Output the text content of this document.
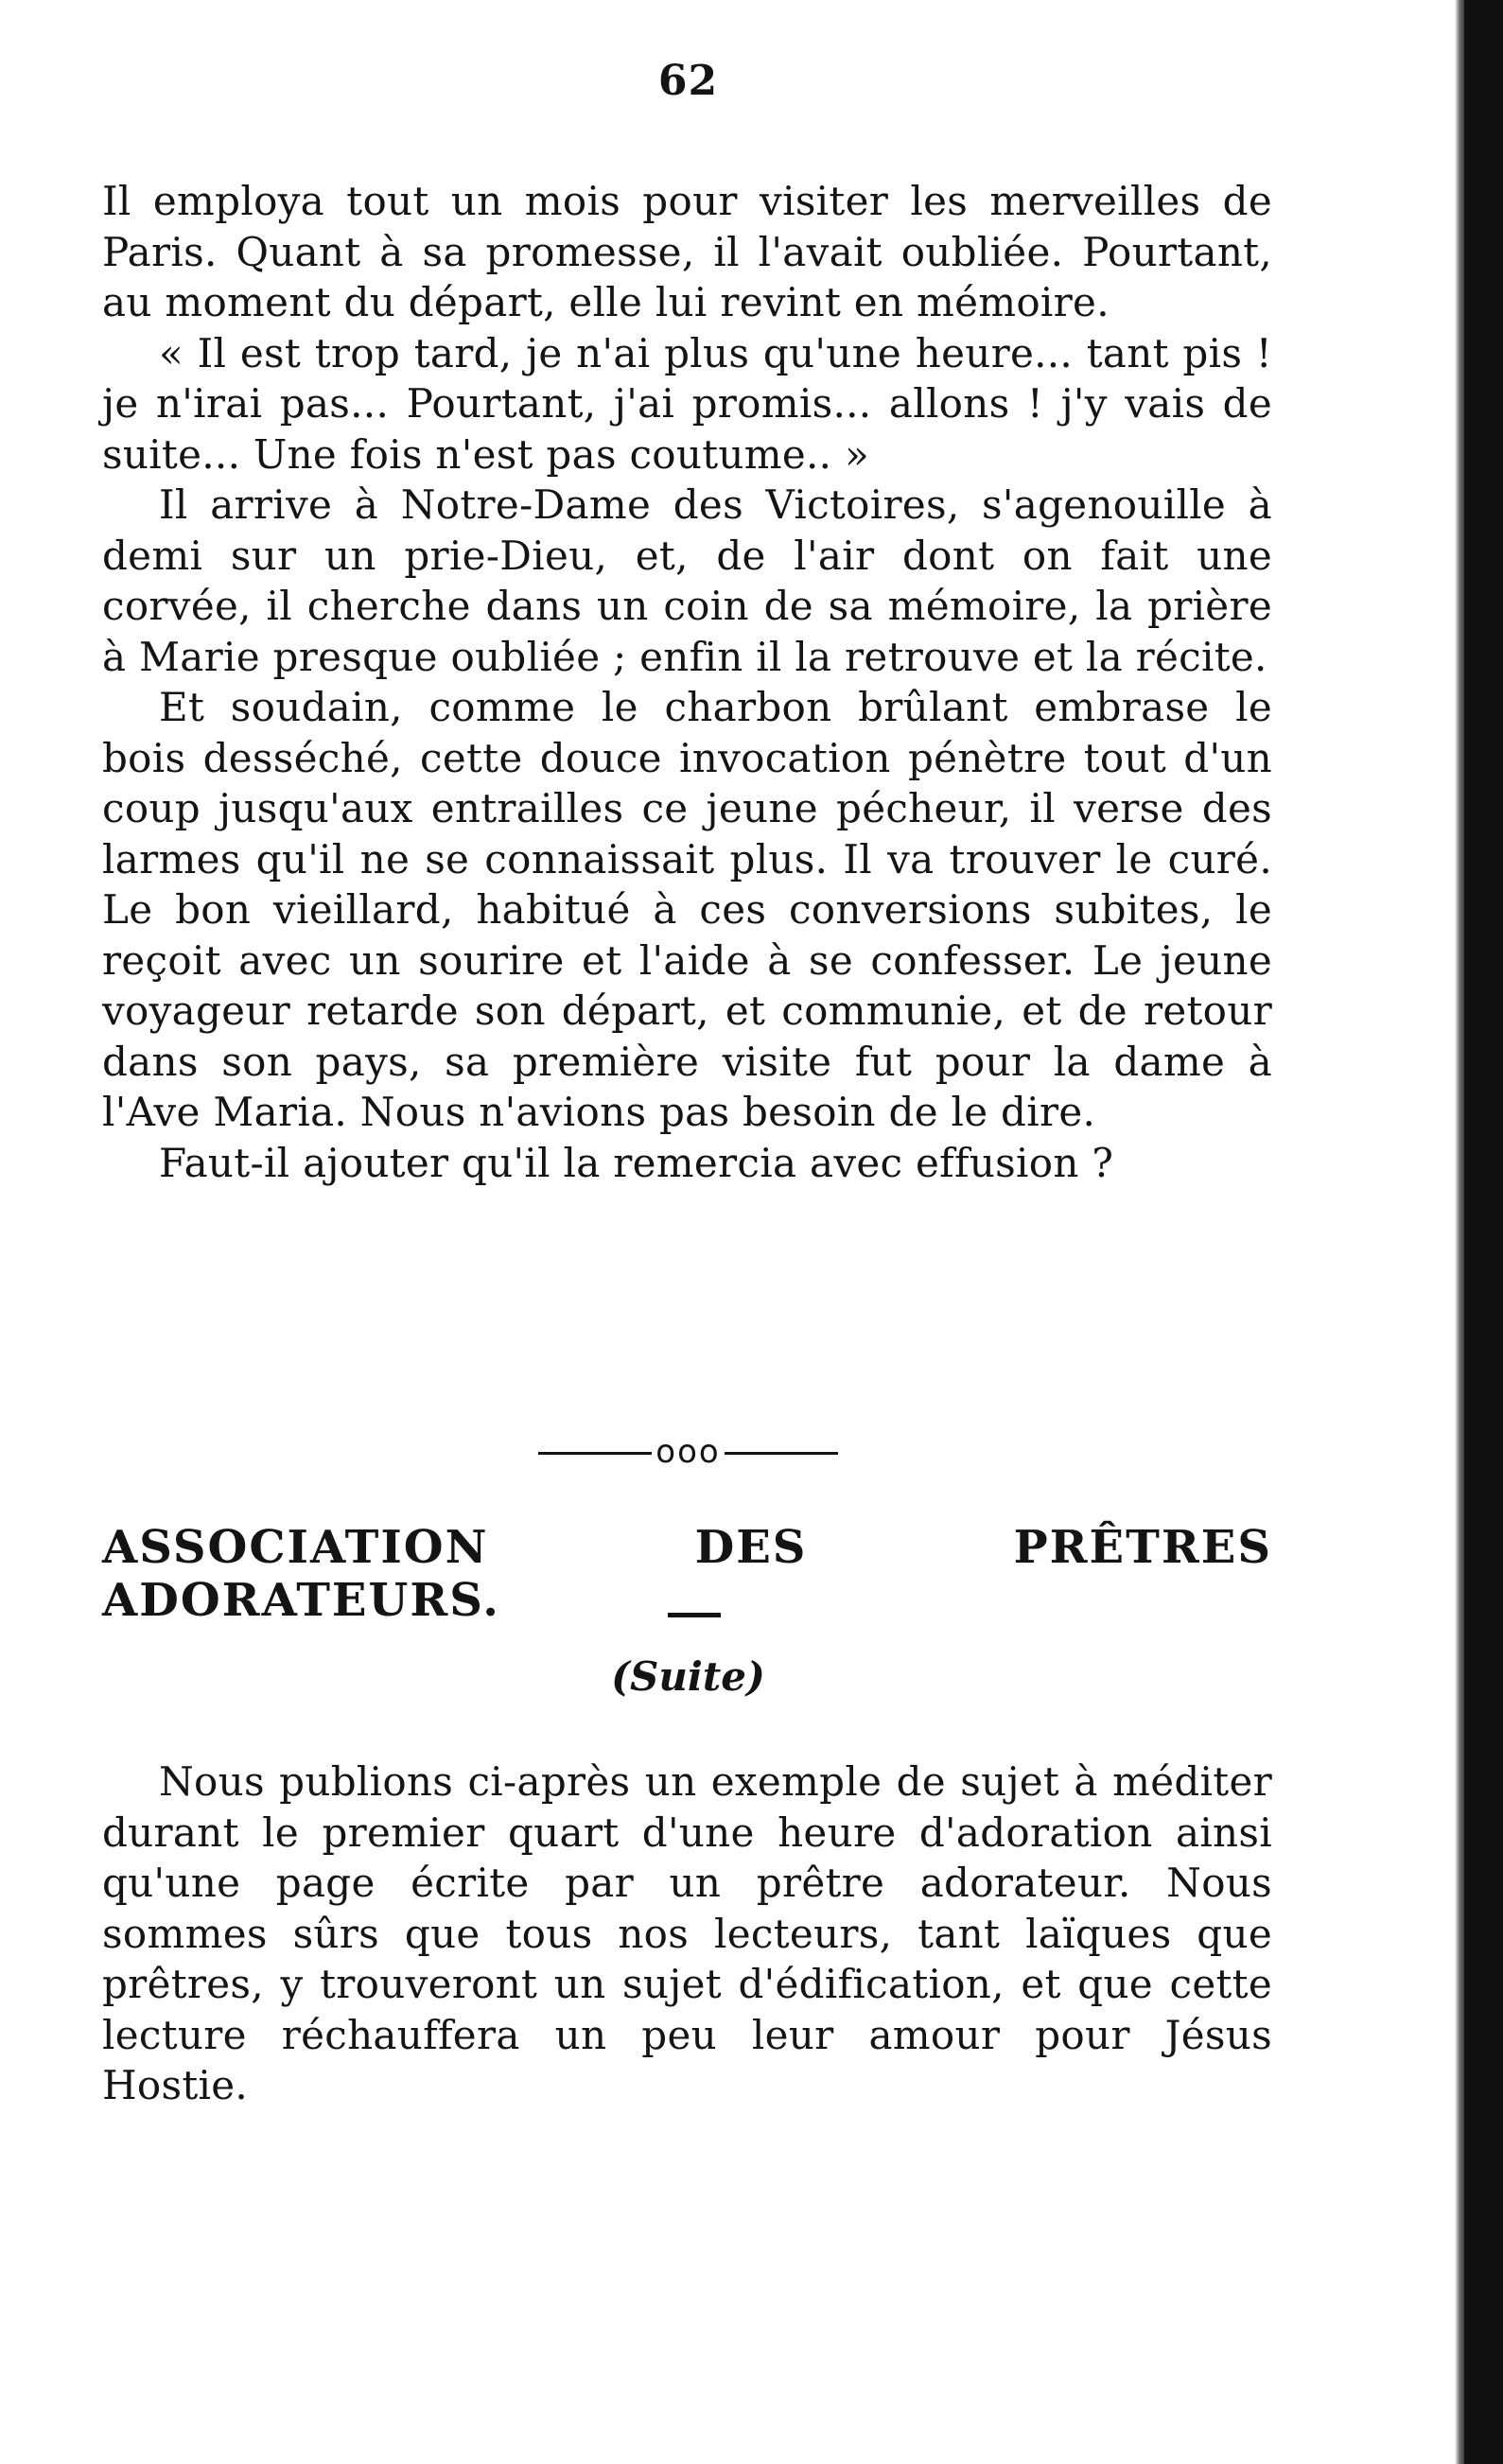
62

Il employa tout un mois pour visiter les merveilles de Paris. Quant à sa promesse, il l'avait oubliée. Pourtant, au moment du départ, elle lui revint en mémoire.

« Il est trop tard, je n'ai plus qu'une heure... tant pis ! je n'irai pas... Pourtant, j'ai promis... allons ! j'y vais de suite... Une fois n'est pas coutume.. »

Il arrive à Notre-Dame des Victoires, s'agenouille à demi sur un prie-Dieu, et, de l'air dont on fait une corvée, il cherche dans un coin de sa mémoire, la prière à Marie presque oubliée ; enfin il la retrouve et la récite.

Et soudain, comme le charbon brûlant embrase le bois desséché, cette douce invocation pénètre tout d'un coup jusqu'aux entrailles ce jeune pécheur, il verse des larmes qu'il ne se connaissait plus. Il va trouver le curé. Le bon vieillard, habitué à ces conversions subites, le reçoit avec un sourire et l'aide à se confesser. Le jeune voyageur retarde son départ, et communie, et de retour dans son pays, sa première visite fut pour la dame à l'Ave Maria. Nous n'avions pas besoin de le dire.

Faut-il ajouter qu'il la remercia avec effusion ?

ooo
ASSOCIATION DES PRÊTRES ADORATEURS.
(Suite)

Nous publions ci-après un exemple de sujet à méditer durant le premier quart d'une heure d'adoration ainsi qu'une page écrite par un prêtre adorateur. Nous sommes sûrs que tous nos lecteurs, tant laïques que prêtres, y trouveront un sujet d'édification, et que cette lecture réchauffera un peu leur amour pour Jésus Hostie.
